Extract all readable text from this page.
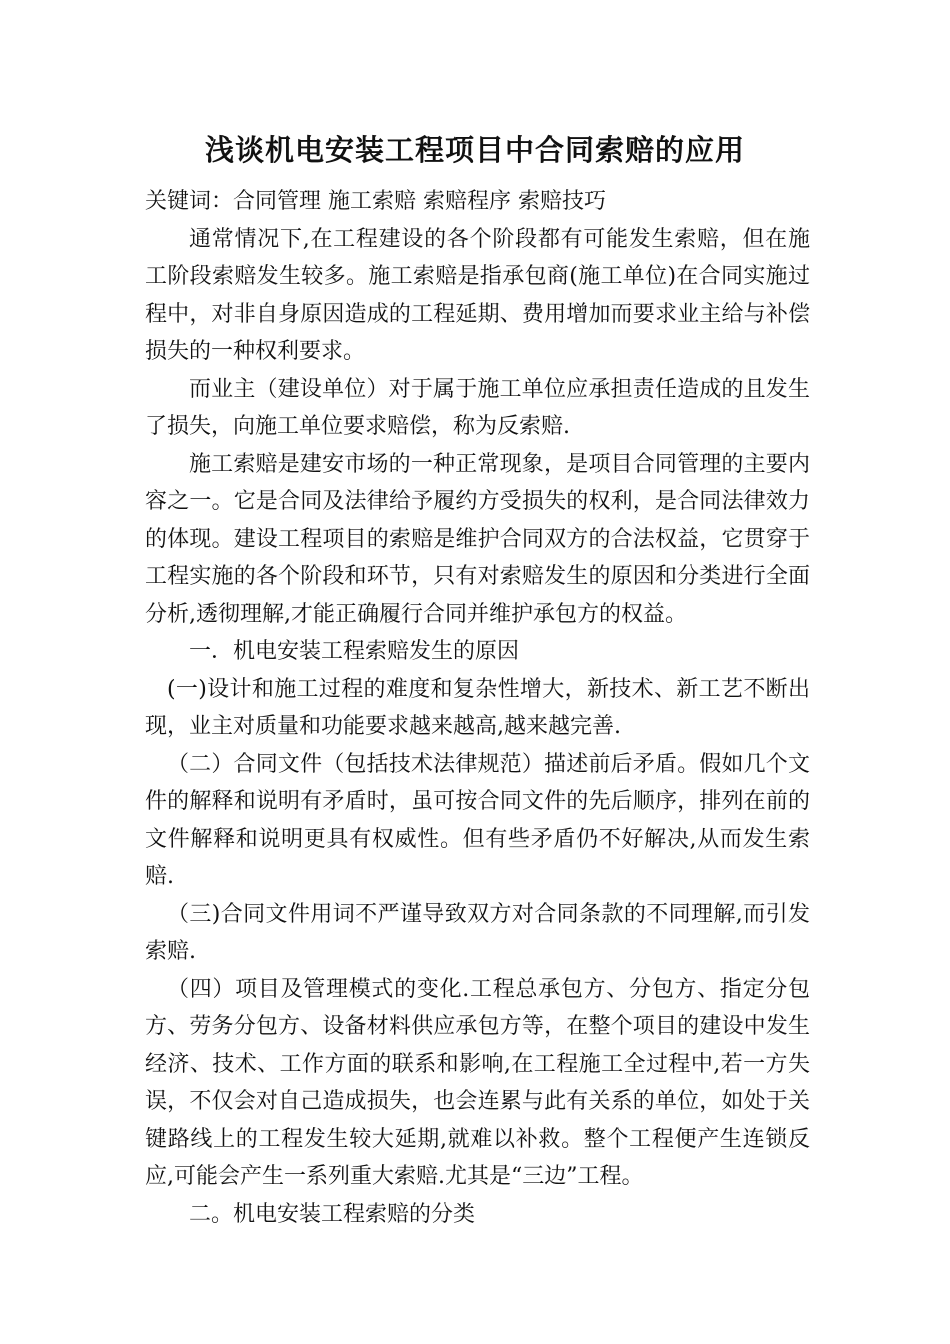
浅谈机电安装工程项目中合同索赔的应用

关键词：合同管理 施工索赔 索赔程序 索赔技巧

通常情况下,在工程建设的各个阶段都有可能发生索赔，但在施工阶段索赔发生较多。施工索赔是指承包商(施工单位)在合同实施过程中，对非自身原因造成的工程延期、费用增加而要求业主给与补偿损失的一种权利要求。

而业主（建设单位）对于属于施工单位应承担责任造成的且发生了损失，向施工单位要求赔偿，称为反索赔.

施工索赔是建安市场的一种正常现象，是项目合同管理的主要内容之一。它是合同及法律给予履约方受损失的权利，是合同法律效力的体现。建设工程项目的索赔是维护合同双方的合法权益，它贯穿于工程实施的各个阶段和环节，只有对索赔发生的原因和分类进行全面分析,透彻理解,才能正确履行合同并维护承包方的权益。

一．机电安装工程索赔发生的原因

(一)设计和施工过程的难度和复杂性增大，新技术、新工艺不断出现，业主对质量和功能要求越来越高,越来越完善.

（二）合同文件（包括技术法律规范）描述前后矛盾。假如几个文件的解释和说明有矛盾时，虽可按合同文件的先后顺序，排列在前的文件解释和说明更具有权威性。但有些矛盾仍不好解决,从而发生索赔.

（三)合同文件用词不严谨导致双方对合同条款的不同理解,而引发索赔.

（四）项目及管理模式的变化.工程总承包方、分包方、指定分包方、劳务分包方、设备材料供应承包方等，在整个项目的建设中发生经济、技术、工作方面的联系和影响,在工程施工全过程中,若一方失误，不仅会对自己造成损失，也会连累与此有关系的单位，如处于关键路线上的工程发生较大延期,就难以补救。整个工程便产生连锁反应,可能会产生一系列重大索赔.尤其是“三边”工程。

二。机电安装工程索赔的分类
